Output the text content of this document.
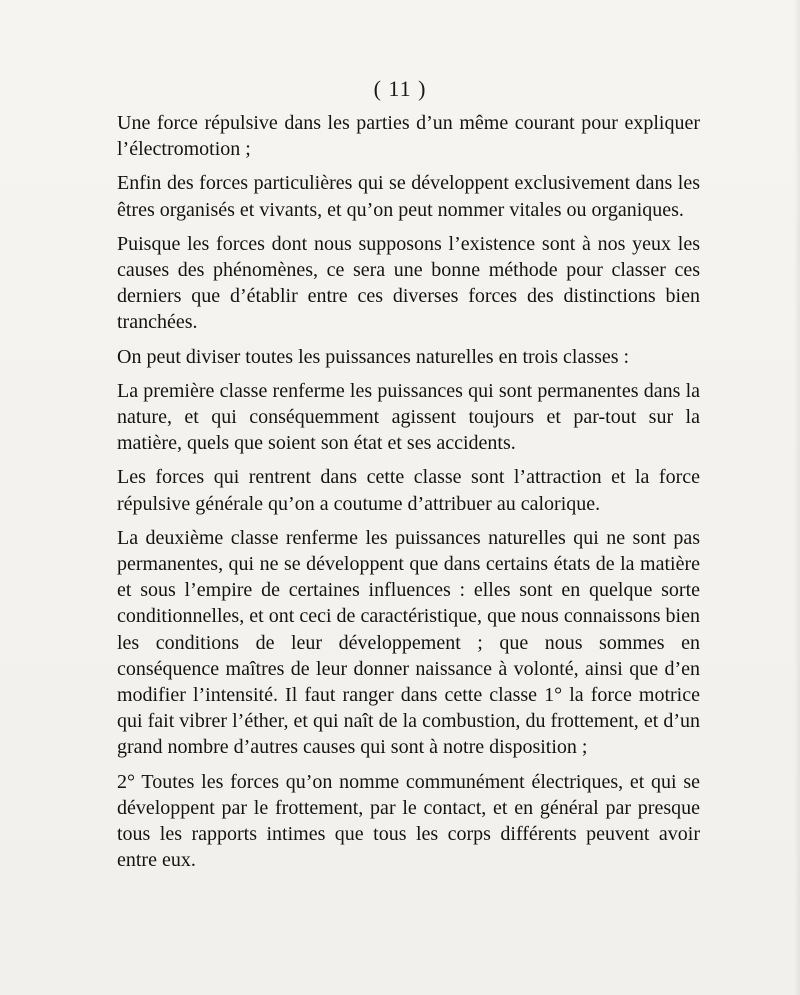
( 11 )

Une force répulsive dans les parties d’un même courant pour expliquer l’électromotion ;

Enfin des forces particulières qui se développent exclusivement dans les êtres organisés et vivants, et qu’on peut nommer vitales ou organiques.

Puisque les forces dont nous supposons l’existence sont à nos yeux les causes des phénomènes, ce sera une bonne méthode pour classer ces derniers que d’établir entre ces diverses forces des distinctions bien tranchées.

On peut diviser toutes les puissances naturelles en trois classes :

La première classe renferme les puissances qui sont permanentes dans la nature, et qui conséquemment agissent toujours et par-tout sur la matière, quels que soient son état et ses accidents.

Les forces qui rentrent dans cette classe sont l’attraction et la force répulsive générale qu’on a coutume d’attribuer au calorique.

La deuxième classe renferme les puissances naturelles qui ne sont pas permanentes, qui ne se développent que dans certains états de la matière et sous l’empire de certaines influences : elles sont en quelque sorte conditionnelles, et ont ceci de caractéristique, que nous connaissons bien les conditions de leur développement ; que nous sommes en conséquence maîtres de leur donner naissance à volonté, ainsi que d’en modifier l’intensité. Il faut ranger dans cette classe 1° la force motrice qui fait vibrer l’éther, et qui naît de la combustion, du frottement, et d’un grand nombre d’autres causes qui sont à notre disposition ;

2° Toutes les forces qu’on nomme communément électriques, et qui se développent par le frottement, par le contact, et en général par presque tous les rapports intimes que tous les corps différents peuvent avoir entre eux.
